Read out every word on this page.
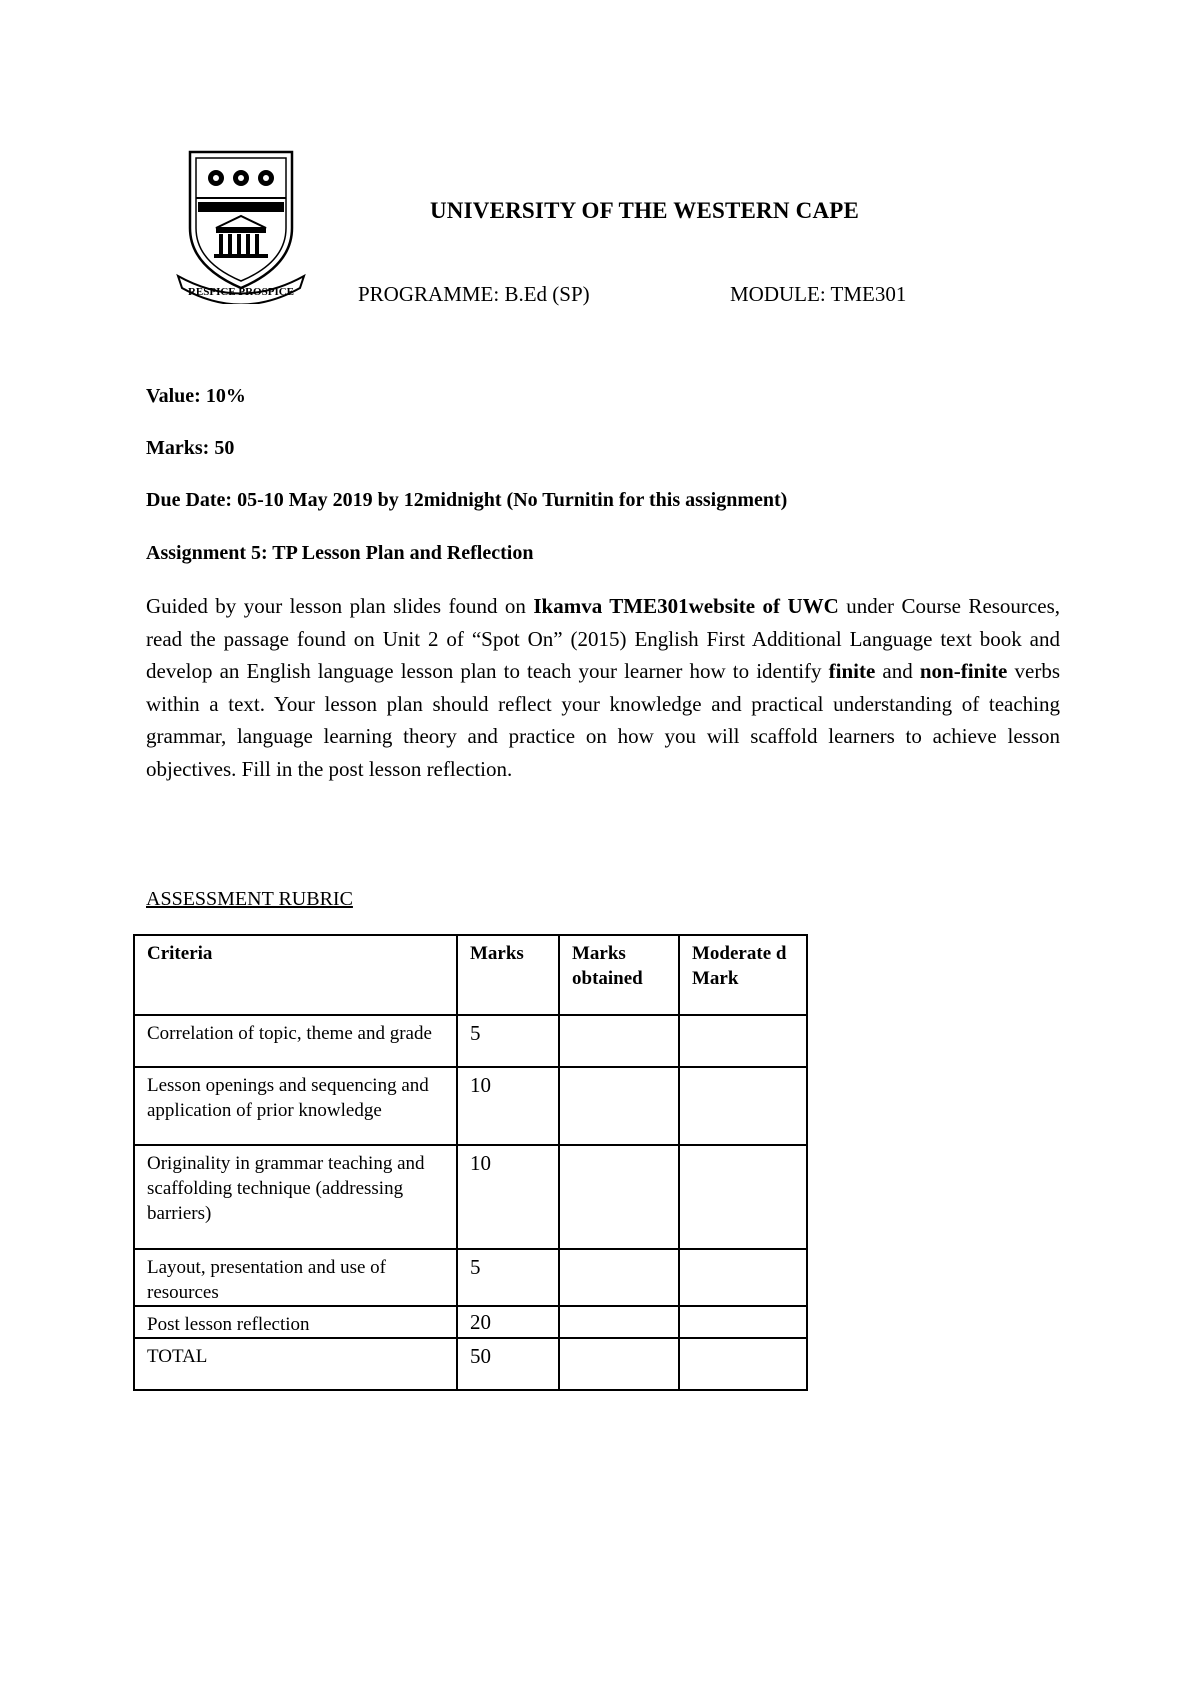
RESPICE PROSPICE
UNIVERSITY OF THE WESTERN CAPE
PROGRAMME: B.Ed (SP)	MODULE: TME301
Value: 10%
Marks: 50
Due Date: 05-10 May 2019 by 12midnight (No Turnitin for this assignment)
Assignment 5: TP Lesson Plan and Reflection
Guided by your lesson plan slides found on Ikamva TME301website of UWC under Course Resources, read the passage found on Unit 2 of “Spot On” (2015) English First Additional Language text book and develop an English language lesson plan to teach your learner how to identify finite and non-finite verbs within a text. Your lesson plan should reflect your knowledge and practical understanding of teaching grammar, language learning theory and practice on how you will scaffold learners to achieve lesson objectives. Fill in the post lesson reflection.
ASSESSMENT RUBRIC
Criteria	Marks	Marks obtained	Moderate d Mark
Correlation of topic, theme and grade	5		
Lesson openings and sequencing and application of prior knowledge	10		
Originality in grammar teaching and scaffolding technique (addressing barriers)	10		
Layout, presentation and use of resources	5		
Post lesson reflection	20		
TOTAL	50		
